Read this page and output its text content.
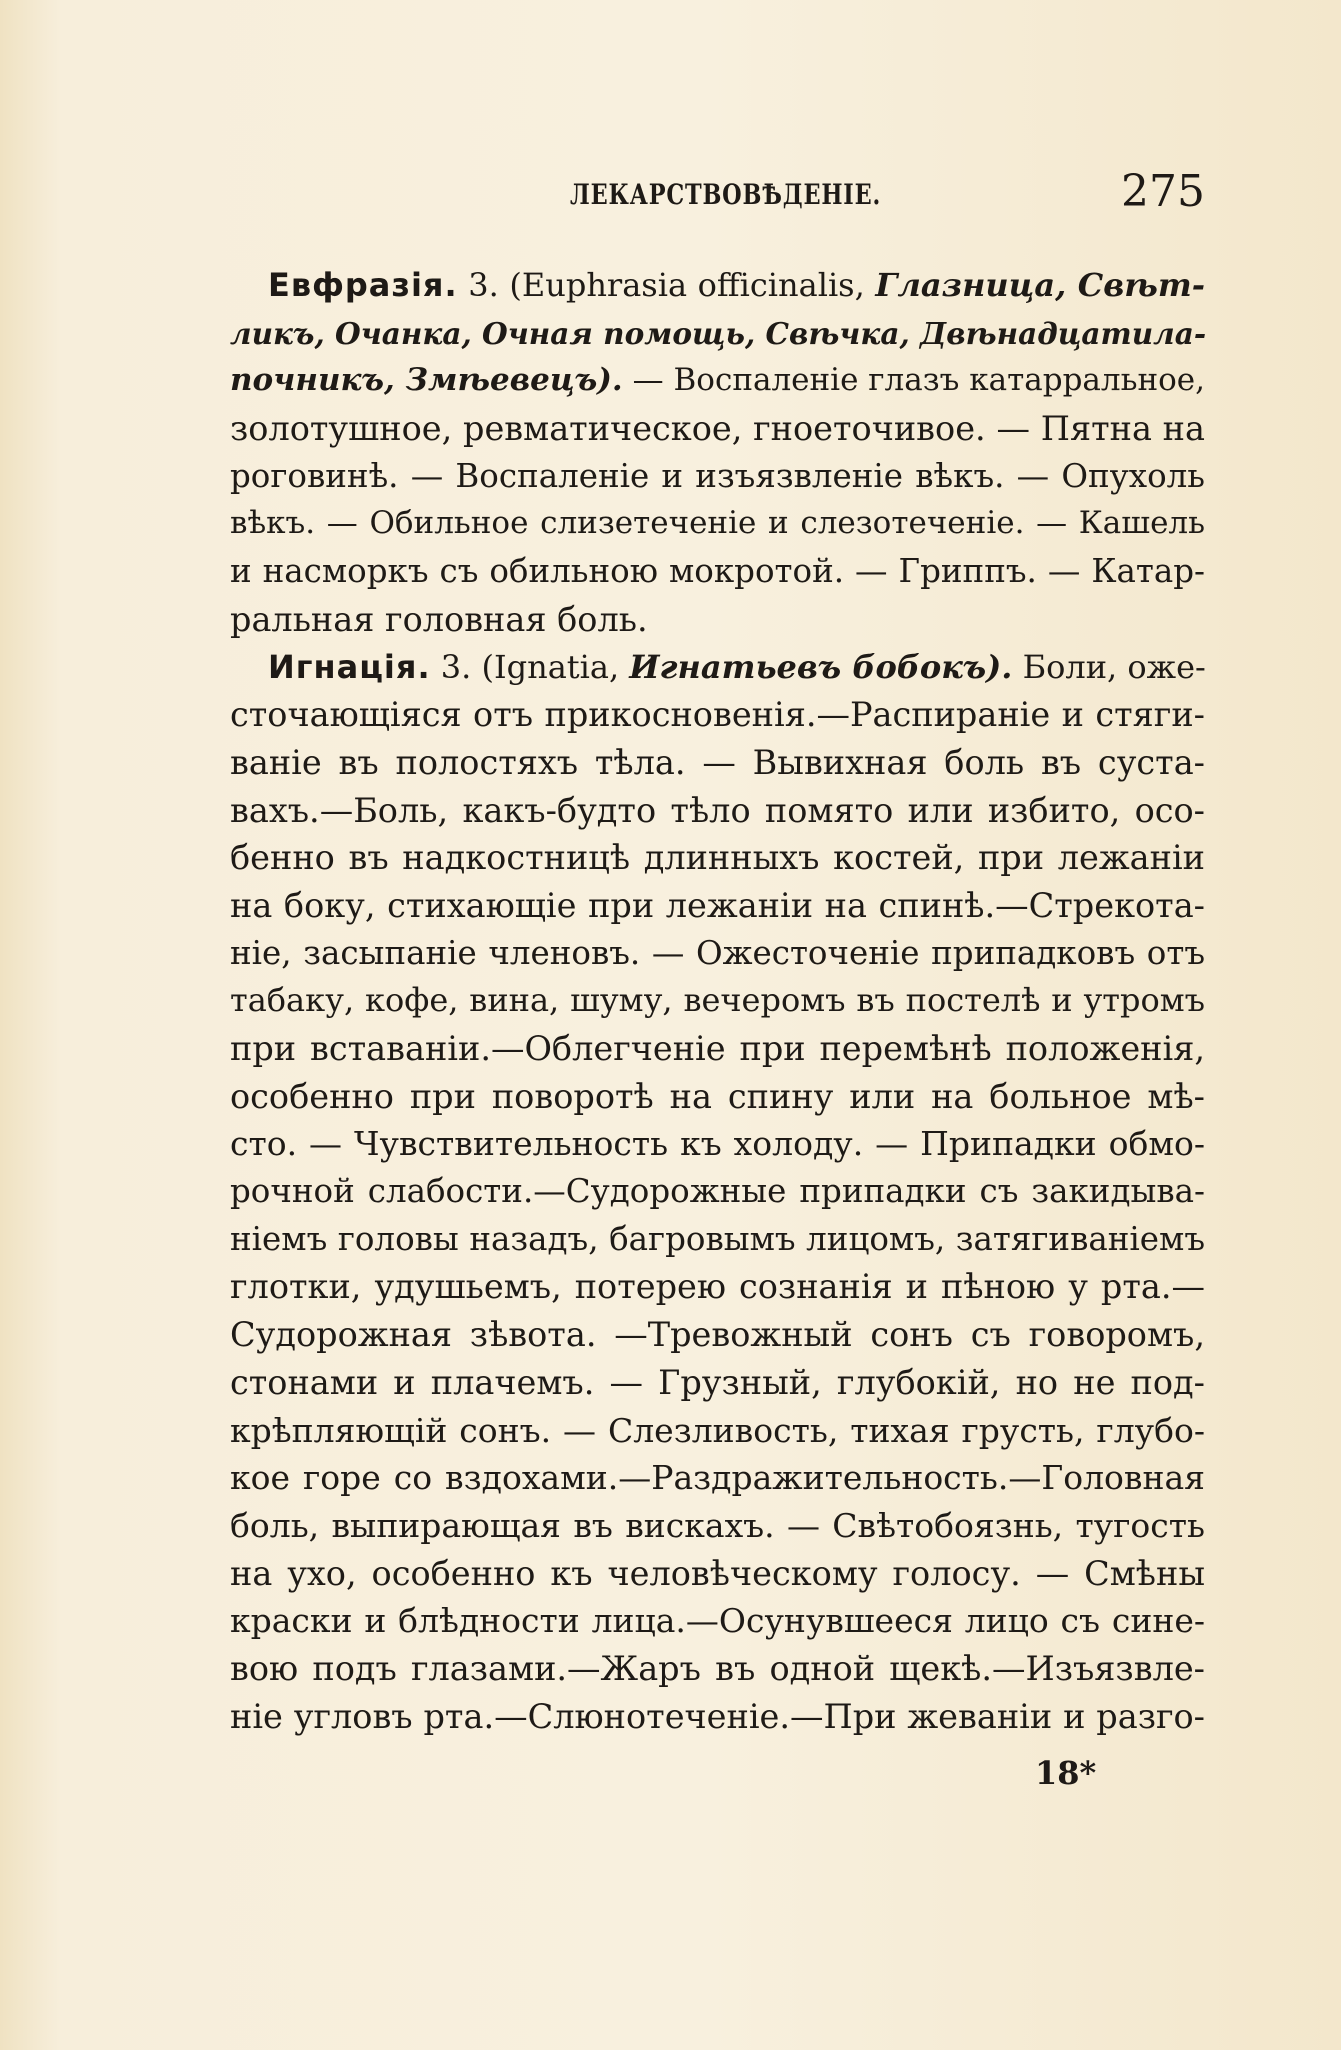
ЛЕКАРСТВОВѢДЕНІЕ.	275
Евфразія. 3. (Euphrasia officinalis, Глазница, Свѣт-
ликъ, Очанка, Очная помощь, Свѣчка, Двѣнадцатила-
почникъ, Змѣевецъ). — Воспаленіе глазъ катарральное,
золотушное, ревматическое, гноеточивое. — Пятна на
роговинѣ. — Воспаленіе и изъязвленіе вѣкъ. — Опухоль
вѣкъ. — Обильное слизетеченіе и слезотеченіе. — Кашель
и насморкъ съ обильною мокротой. — Гриппъ. — Катар-
ральная головная боль.
Игнація. 3. (Ignatia, Игнатьевъ бобокъ). Боли, оже-
сточающіяся отъ прикосновенія.—Распираніе и стяги-
ваніе въ полостяхъ тѣла. — Вывихная боль въ суста-
вахъ.—Боль, какъ-будто тѣло помято или избито, осо-
бенно въ надкостницѣ длинныхъ костей, при лежаніи
на боку, стихающіе при лежаніи на спинѣ.—Стрекота-
ніе, засыпаніе членовъ. — Ожесточеніе припадковъ отъ
табаку, кофе, вина, шуму, вечеромъ въ постелѣ и утромъ
при вставаніи.—Облегченіе при перемѣнѣ положенія,
особенно при поворотѣ на спину или на больное мѣ-
сто. — Чувствительность къ холоду. — Припадки обмо-
рочной слабости.—Судорожные припадки съ закидыва-
ніемъ головы назадъ, багровымъ лицомъ, затягиваніемъ
глотки, удушьемъ, потерею сознанія и пѣною у рта.—
Судорожная зѣвота. —Тревожный сонъ съ говоромъ,
стонами и плачемъ. — Грузный, глубокій, но не под-
крѣпляющій сонъ. — Слезливость, тихая грусть, глубо-
кое горе со вздохами.—Раздражительность.—Головная
боль, выпирающая въ вискахъ. — Свѣтобоязнь, тугость
на ухо, особенно къ человѣческому голосу. — Смѣны
краски и блѣдности лица.—Осунувшееся лицо съ сине-
вою подъ глазами.—Жаръ въ одной щекѣ.—Изъязвле-
ніе угловъ рта.—Слюнотеченіе.—При жеваніи и разго-
18*
